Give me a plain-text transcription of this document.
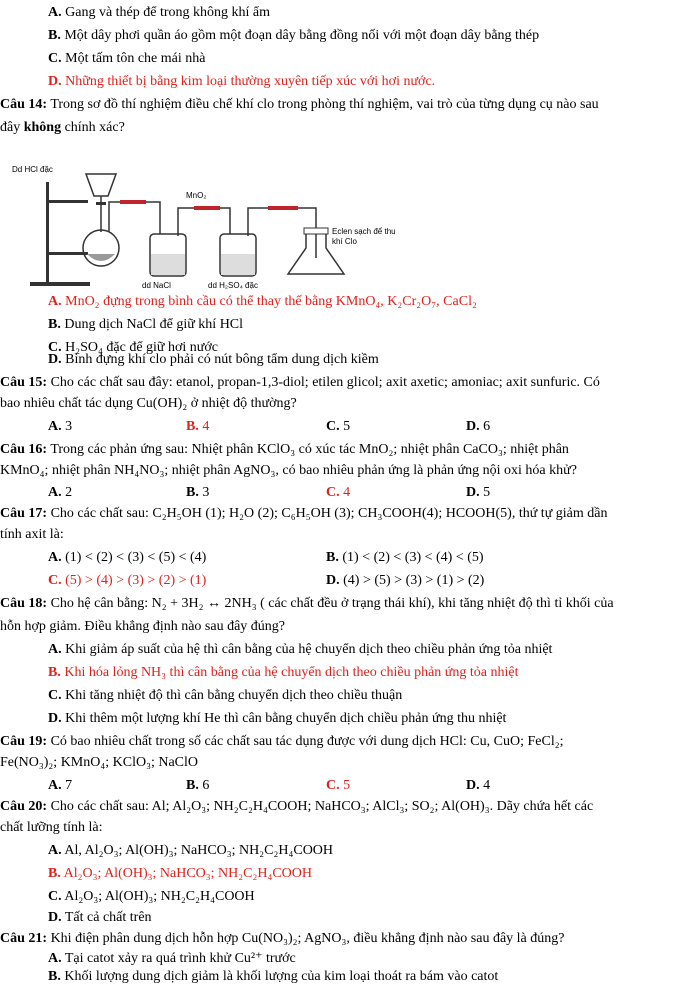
A. Gang và thép để trong không khí ẩm
B. Một dây phơi quần áo gồm một đoạn dây bằng đồng nối với một đoạn dây bằng thép
C. Một tấm tôn che mái nhà
D. Những thiết bị bằng kim loại thường xuyên tiếp xúc với hơi nước.
Câu 14: Trong sơ đồ thí nghiệm điều chế khí clo trong phòng thí nghiệm, vai trò của từng dụng cụ nào sau
đây không chính xác?
Dd HCl đặc
MnO₂
dd NaCl	dd H₂SO₄ đặc
Eclen sạch để thu
khí Clo
A. MnO₂ đựng trong bình cầu có thể thay thế bằng KMnO₄, K₂Cr₂O₇, CaCl₂
B. Dung dịch NaCl để giữ khí HCl
C. H₂SO₄ đặc để giữ hơi nước
D. Bình đựng khí clo phải có nút bông tẩm dung dịch kiềm
Câu 15: Cho các chất sau đây: etanol, propan-1,3-diol; etilen glicol; axit axetic; amoniac; axit sunfuric. Có
bao nhiêu chất tác dụng Cu(OH)₂ ở nhiệt độ thường?
A. 3	B. 4	C. 5	D. 6
Câu 16: Trong các phản ứng sau: Nhiệt phân KClO₃ có xúc tác MnO₂; nhiệt phân CaCO₃; nhiệt phân
KMnO₄; nhiệt phân NH₄NO₃; nhiệt phân AgNO₃, có bao nhiêu phản ứng là phản ứng nội oxi hóa khử?
A. 2	B. 3	C. 4	D. 5
Câu 17: Cho các chất sau: C₂H₅OH (1); H₂O (2); C₆H₅OH (3); CH₃COOH(4); HCOOH(5), thứ tự giảm dần
tính axit là:
A. (1) < (2) < (3) < (5) < (4)	B. (1) < (2) < (3) < (4) < (5)
C. (5) > (4) > (3) > (2) > (1)	D. (4) > (5) > (3) > (1) > (2)
Câu 18: Cho hệ cân bằng: N₂ + 3H₂ ↔ 2NH₃ ( các chất đều ở trạng thái khí), khi tăng nhiệt độ thì tỉ khối của
hỗn hợp giảm. Điều khẳng định nào sau đây đúng?
A. Khi giảm áp suất của hệ thì cân bằng của hệ chuyển dịch theo chiều phản ứng tỏa nhiệt
B. Khi hóa lỏng NH₃ thì cân bằng của hệ chuyển dịch theo chiều phản ứng tỏa nhiệt
C. Khi tăng nhiệt độ thì cân bằng chuyển dịch theo chiều thuận
D. Khi thêm một lượng khí He thì cân bằng chuyển dịch chiều phản ứng thu nhiệt
Câu 19: Có bao nhiêu chất trong số các chất sau tác dụng được với dung dịch HCl: Cu, CuO; FeCl₂;
Fe(NO₃)₂; KMnO₄; KClO₃; NaClO
A. 7	B. 6	C. 5	D. 4
Câu 20: Cho các chất sau: Al; Al₂O₃; NH₂C₂H₄COOH; NaHCO₃; AlCl₃; SO₂; Al(OH)₃. Dãy chứa hết các
chất lưỡng tính là:
A. Al, Al₂O₃; Al(OH)₃; NaHCO₃; NH₂C₂H₄COOH
B. Al₂O₃; Al(OH)₃; NaHCO₃; NH₂C₂H₄COOH
C. Al₂O₃; Al(OH)₃; NH₂C₂H₄COOH
D. Tất cả chất trên
Câu 21: Khi điện phân dung dịch hỗn hợp Cu(NO₃)₂; AgNO₃, điều khẳng định nào sau đây là đúng?
A. Tại catot xảy ra quá trình khử Cu²⁺ trước
B. Khối lượng dung dịch giảm là khối lượng của kim loại thoát ra bám vào catot
